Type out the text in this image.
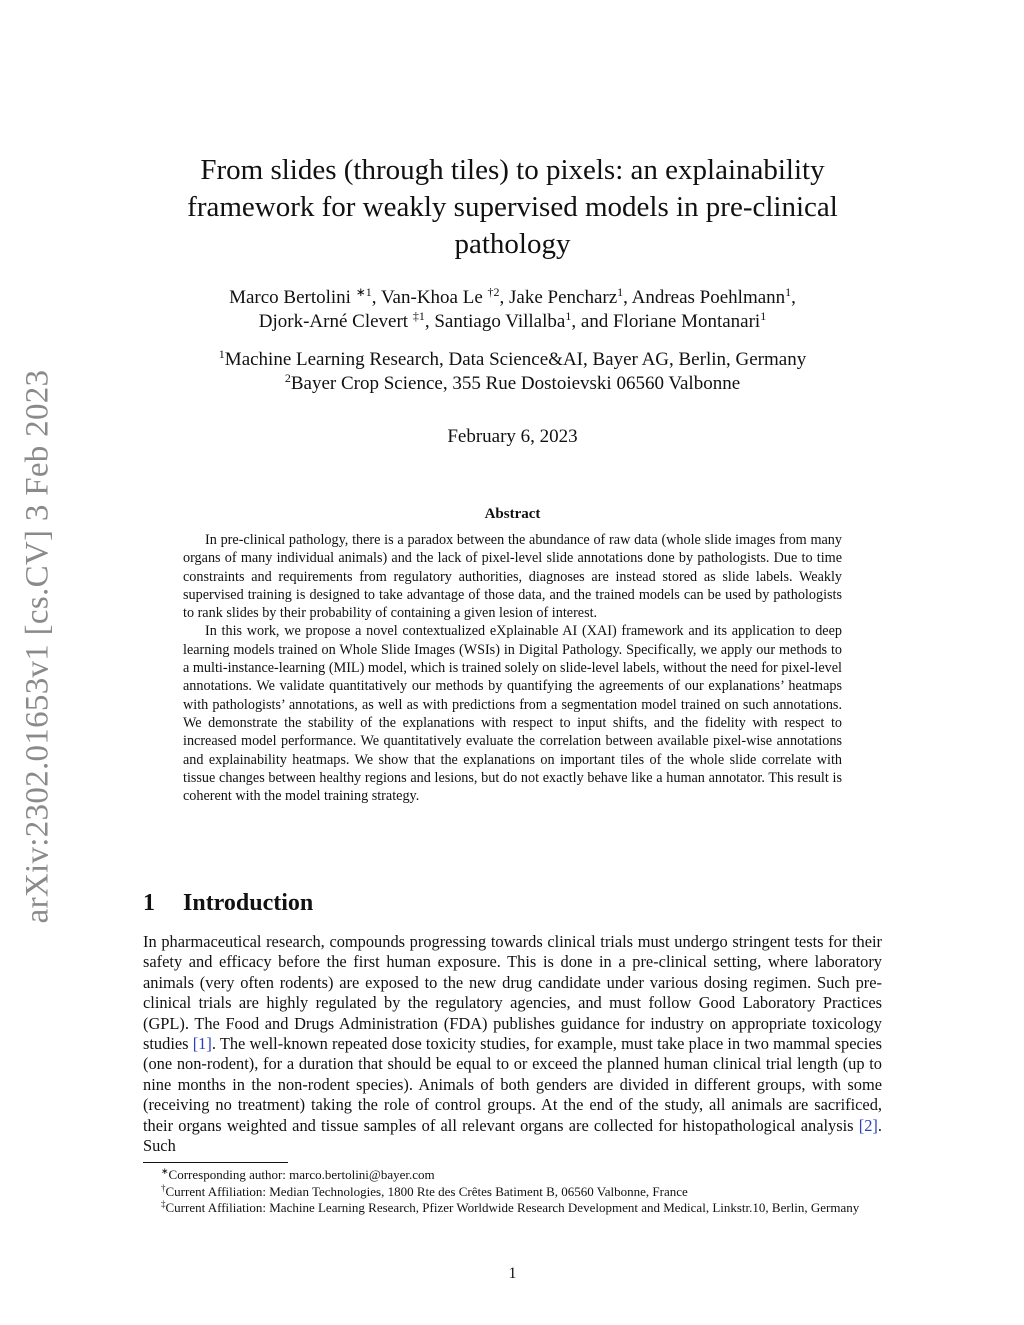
arXiv:2302.01653v1 [cs.CV] 3 Feb 2023
From slides (through tiles) to pixels: an explainability
framework for weakly supervised models in pre-clinical
pathology
Marco Bertolini $^{∗1}$, Van-Khoa Le $^{\dagger 2}$, Jake Pencharz$^1$, Andreas Poehlmann$^1$,
Djork-Arné Clevert $^{\ddagger 1}$, Santiago Villalba$^1$, and Floriane Montanari$^1$
$^1$Machine Learning Research, Data Science&AI, Bayer AG, Berlin, Germany
$^2$Bayer Crop Science, 355 Rue Dostoievski 06560 Valbonne
February 6, 2023
Abstract

In pre-clinical pathology, there is a paradox between the abundance of raw data (whole slide images from many organs of many individual animals) and the lack of pixel-level slide annotations done by pathologists. Due to time constraints and requirements from regulatory authorities, diagnoses are instead stored as slide labels. Weakly supervised training is designed to take advantage of those data, and the trained models can be used by pathologists to rank slides by their probability of containing a given lesion of interest.

In this work, we propose a novel contextualized eXplainable AI (XAI) framework and its application to deep learning models trained on Whole Slide Images (WSIs) in Digital Pathology. Specifically, we apply our methods to a multi-instance-learning (MIL) model, which is trained solely on slide-level labels, without the need for pixel-level annotations. We validate quantitatively our methods by quantifying the agreements of our explanations’ heatmaps with pathologists’ annotations, as well as with predictions from a segmentation model trained on such annotations. We demonstrate the stability of the explanations with respect to input shifts, and the fidelity with respect to increased model performance. We quantitatively evaluate the correlation between available pixel-wise annotations and explainability heatmaps. We show that the explanations on important tiles of the whole slide correlate with tissue changes between healthy regions and lesions, but do not exactly behave like a human annotator. This result is coherent with the model training strategy.

1 Introduction

In pharmaceutical research, compounds progressing towards clinical trials must undergo stringent tests for their safety and efficacy before the first human exposure. This is done in a pre-clinical setting, where laboratory animals (very often rodents) are exposed to the new drug candidate under various dosing regimen. Such pre-clinical trials are highly regulated by the regulatory agencies, and must follow Good Laboratory Practices (GPL). The Food and Drugs Administration (FDA) publishes guidance for industry on appropriate toxicology studies [1]. The well-known repeated dose toxicity studies, for example, must take place in two mammal species (one non-rodent), for a duration that should be equal to or exceed the planned human clinical trial length (up to nine months in the non-rodent species). Animals of both genders are divided in different groups, with some (receiving no treatment) taking the role of control groups. At the end of the study, all animals are sacrificed, their organs weighted and tissue samples of all relevant organs are collected for histopathological analysis [2]. Such

∗Corresponding author: marco.bertolini@bayer.com

†Current Affiliation: Median Technologies, 1800 Rte des Crêtes Batiment B, 06560 Valbonne, France

‡Current Affiliation: Machine Learning Research, Pfizer Worldwide Research Development and Medical, Linkstr.10, Berlin, Germany

1
